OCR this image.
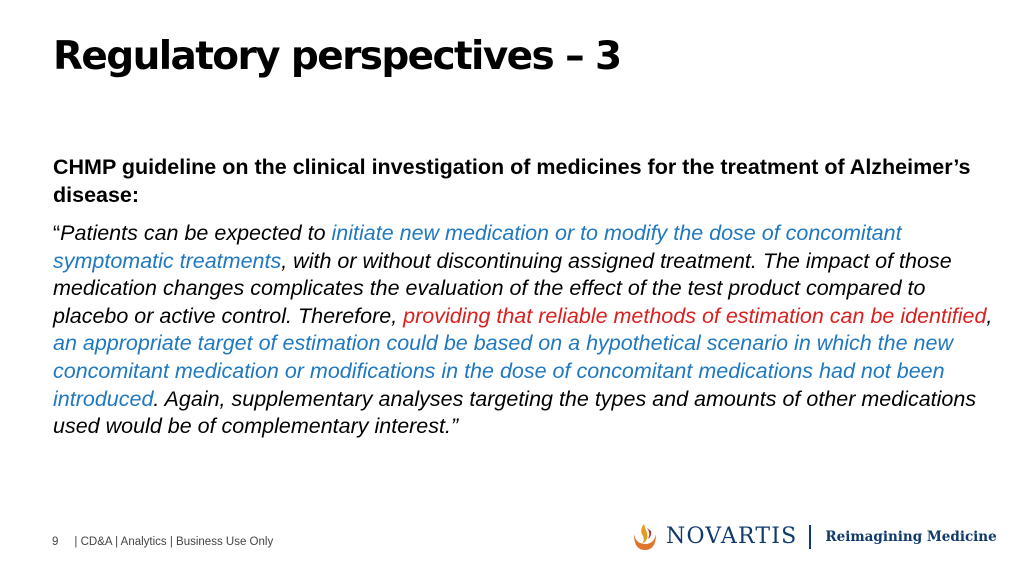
Regulatory perspectives – 3

CHMP guideline on the clinical investigation of medicines for the treatment of Alzheimer’s disease:

“Patients can be expected to initiate new medication or to modify the dose of concomitant symptomatic treatments, with or without discontinuing assigned treatment. The impact of those medication changes complicates the evaluation of the effect of the test product compared to placebo or active control. Therefore, providing that reliable methods of estimation can be identified, an appropriate target of estimation could be based on a hypothetical scenario in which the new concomitant medication or modifications in the dose of concomitant medications had not been introduced. Again, supplementary analyses targeting the types and amounts of other medications used would be of complementary interest.”

9 | CD&A | Analytics | Business Use Only	NOVARTIS Reimagining Medicine
